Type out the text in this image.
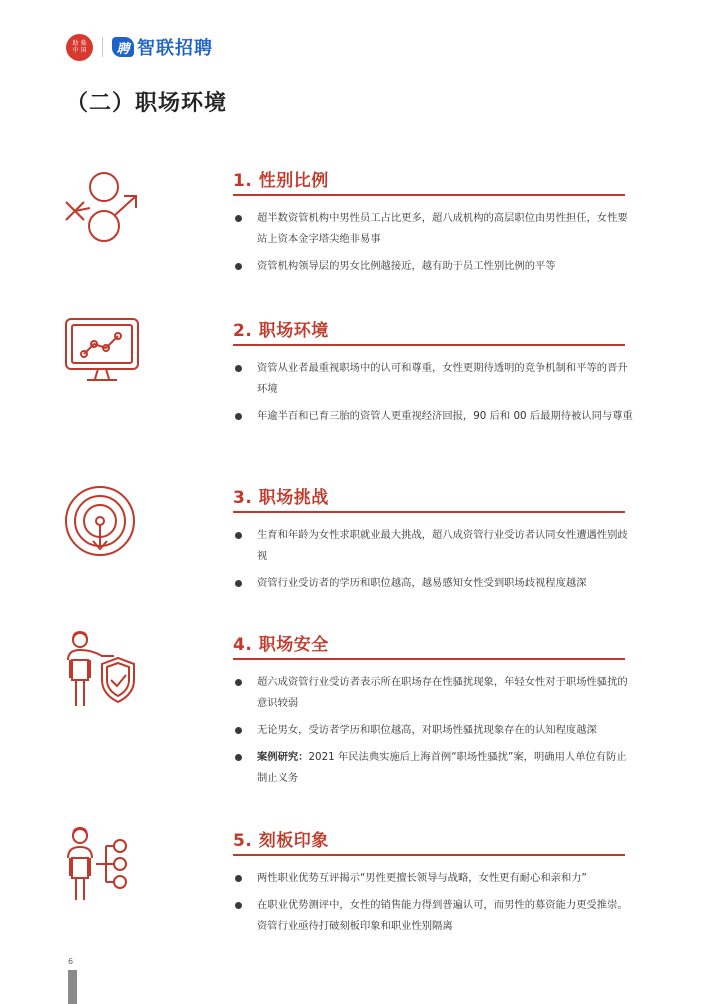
助 燊
中 国	聘 智联招聘
（二）职场环境
1. 性别比例
超半数资管机构中男性员工占比更多，超八成机构的高层职位由男性担任，女性要站上资本金字塔尖绝非易事
资管机构领导层的男女比例越接近，越有助于员工性别比例的平等
2. 职场环境
资管从业者最重视职场中的认可和尊重，女性更期待透明的竞争机制和平等的晋升环境
年逾半百和已育三胎的资管人更重视经济回报，90 后和 00 后最期待被认同与尊重
3. 职场挑战
生育和年龄为女性求职就业最大挑战，超八成资管行业受访者认同女性遭遇性别歧视
资管行业受访者的学历和职位越高，越易感知女性受到职场歧视程度越深
4. 职场安全
超六成资管行业受访者表示所在职场存在性骚扰现象，年轻女性对于职场性骚扰的意识较弱
无论男女，受访者学历和职位越高，对职场性骚扰现象存在的认知程度越深
案例研究：2021 年民法典实施后上海首例“职场性骚扰”案，明确用人单位有防止制止义务
5. 刻板印象
两性职业优势互评揭示“男性更擅长领导与战略，女性更有耐心和亲和力”
在职业优势测评中，女性的销售能力得到普遍认可，而男性的募资能力更受推崇。资管行业亟待打破刻板印象和职业性别隔离
6
